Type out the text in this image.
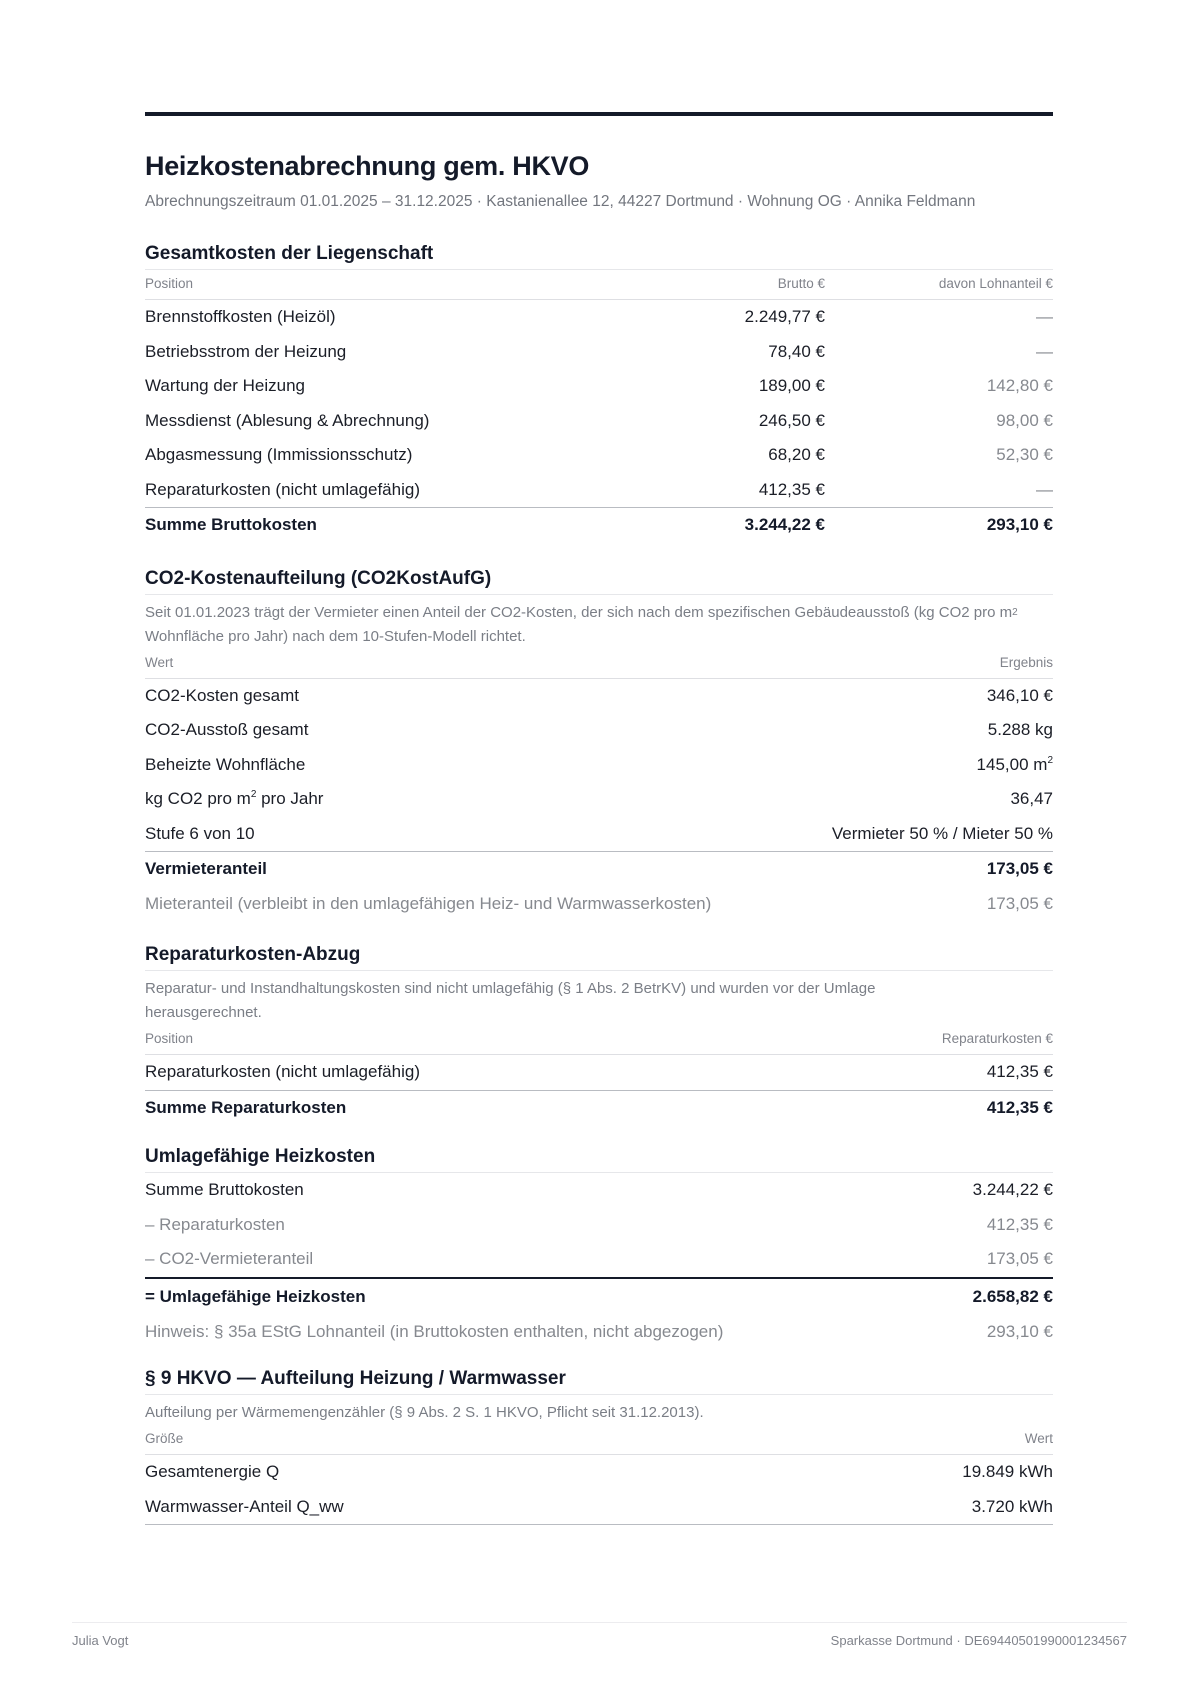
Heizkostenabrechnung gem. HKVO
Abrechnungszeitraum 01.01.2025 – 31.12.2025 · Kastanienallee 12, 44227 Dortmund · Wohnung OG · Annika Feldmann
Gesamtkosten der Liegenschaft
Position	Brutto €	davon Lohnanteil €
Brennstoffkosten (Heizöl)	2.249,77 €	—
Betriebsstrom der Heizung	78,40 €	—
Wartung der Heizung	189,00 €	142,80 €
Messdienst (Ablesung & Abrechnung)	246,50 €	98,00 €
Abgasmessung (Immissionsschutz)	68,20 €	52,30 €
Reparaturkosten (nicht umlagefähig)	412,35 €	—
Summe Bruttokosten	3.244,22 €	293,10 €
CO2-Kostenaufteilung (CO2KostAufG)
Seit 01.01.2023 trägt der Vermieter einen Anteil der CO2-Kosten, der sich nach dem spezifischen Gebäudeausstoß (kg CO2 pro $m^2$ Wohnfläche pro Jahr) nach dem 10-Stufen-Modell richtet.
Wert	Ergebnis
CO2-Kosten gesamt	346,10 €
CO2-Ausstoß gesamt	5.288 kg
Beheizte Wohnfläche	145,00 $m^2$
kg CO2 pro $m^2$ pro Jahr	36,47
Stufe 6 von 10	Vermieter 50 % / Mieter 50 %
Vermieteranteil	173,05 €
Mieteranteil (verbleibt in den umlagefähigen Heiz- und Warmwasserkosten)	173,05 €
Reparaturkosten-Abzug
Reparatur- und Instandhaltungskosten sind nicht umlagefähig (§ 1 Abs. 2 BetrKV) und wurden vor der Umlage herausgerechnet.
Position	Reparaturkosten €
Reparaturkosten (nicht umlagefähig)	412,35 €
Summe Reparaturkosten	412,35 €
Umlagefähige Heizkosten
Summe Bruttokosten	3.244,22 €
– Reparaturkosten	412,35 €
– CO2-Vermieteranteil	173,05 €
= Umlagefähige Heizkosten	2.658,82 €
Hinweis: § 35a EStG Lohnanteil (in Bruttokosten enthalten, nicht abgezogen)	293,10 €
§ 9 HKVO — Aufteilung Heizung / Warmwasser
Aufteilung per Wärmemengenzähler (§ 9 Abs. 2 S. 1 HKVO, Pflicht seit 31.12.2013).
Größe	Wert
Gesamtenergie Q	19.849 kWh
Warmwasser-Anteil Q_ww	3.720 kWh
Julia Vogt	Sparkasse Dortmund · DE69440501990001234567
